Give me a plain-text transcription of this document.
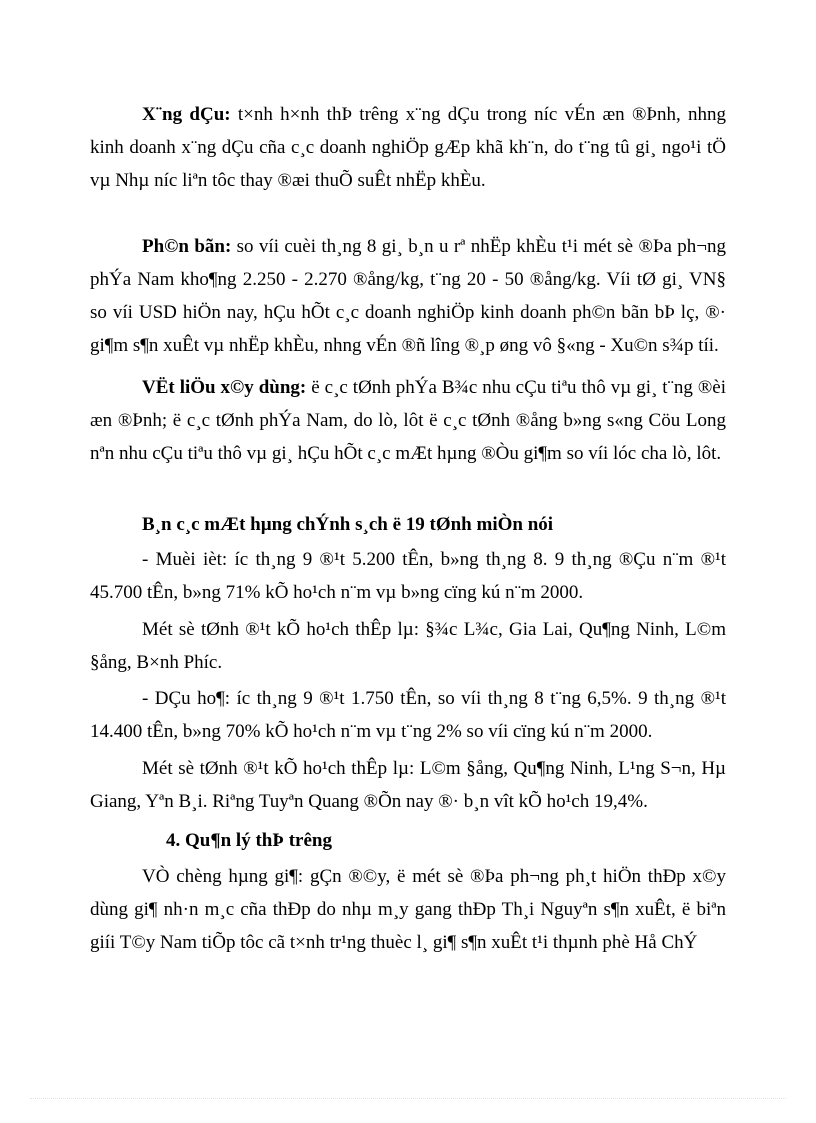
X¨ng dÇu: t×nh h×nh thÞ trêng x¨ng dÇu trong níc vÉn æn ®Þnh, nhng kinh doanh x¨ng dÇu cña c¸c doanh nghiÖp gÆp khã kh¨n, do t¨ng tû gi¸ ngo¹i tÖ vµ Nhµ níc liªn tôc thay ®æi thuÕ suÊt nhËp khÈu.

Ph©n bãn: so víi cuèi th¸ng 8 gi¸ b¸n u rª nhËp khÈu t¹i mét sè ®Þa ph¬ng phÝa Nam kho¶ng 2.250 - 2.270 ®ång/kg, t¨ng 20 - 50 ®ång/kg. Víi tØ gi¸ VN§ so víi USD hiÖn nay, hÇu hÕt c¸c doanh nghiÖp kinh doanh ph©n bãn bÞ lç, ®· gi¶m s¶n xuÊt vµ nhËp khÈu, nhng vÉn ®ñ lîng ®¸p øng vô §«ng - Xu©n s¾p tíi.

VËt liÖu x©y dùng: ë c¸c tØnh phÝa B¾c nhu cÇu tiªu thô vµ gi¸ t¨ng ®èi æn ®Þnh; ë c¸c tØnh phÝa Nam, do lò, lôt ë c¸c tØnh ®ång b»ng s«ng Cöu Long nªn nhu cÇu tiªu thô vµ gi¸ hÇu hÕt c¸c mÆt hµng ®Òu gi¶m so víi lóc cha lò, lôt.

B¸n c¸c mÆt hµng chÝnh s¸ch ë 19 tØnh miÒn nói

- Muèi ièt: íc th¸ng 9 ®¹t 5.200 tÊn, b»ng th¸ng 8. 9 th¸ng ®Çu n¨m ®¹t 45.700 tÊn, b»ng 71% kÕ ho¹ch n¨m vµ b»ng cïng kú n¨m 2000.

Mét sè tØnh ®¹t kÕ ho¹ch thÊp lµ: §¾c L¾c, Gia Lai, Qu¶ng Ninh, L©m §ång, B×nh Phíc.

- DÇu ho¶: íc th¸ng 9 ®¹t 1.750 tÊn, so víi th¸ng 8 t¨ng 6,5%. 9 th¸ng ®¹t 14.400 tÊn, b»ng 70% kÕ ho¹ch n¨m vµ t¨ng 2% so víi cïng kú n¨m 2000.

Mét sè tØnh ®¹t kÕ ho¹ch thÊp lµ: L©m §ång, Qu¶ng Ninh, L¹ng S¬n, Hµ Giang, Yªn B¸i. Riªng Tuyªn Quang ®Õn nay ®· b¸n vît kÕ ho¹ch 19,4%.

4. Qu¶n lý thÞ trêng

VÒ chèng hµng gi¶: gÇn ®©y, ë mét sè ®Þa ph¬ng ph¸t hiÖn thÐp x©y dùng gi¶ nh·n m¸c cña thÐp do nhµ m¸y gang thÐp Th¸i Nguyªn s¶n xuÊt, ë biªn giíi T©y Nam tiÕp tôc cã t×nh tr¹ng thuèc l¸ gi¶ s¶n xuÊt t¹i thµnh phè Hå ChÝ
